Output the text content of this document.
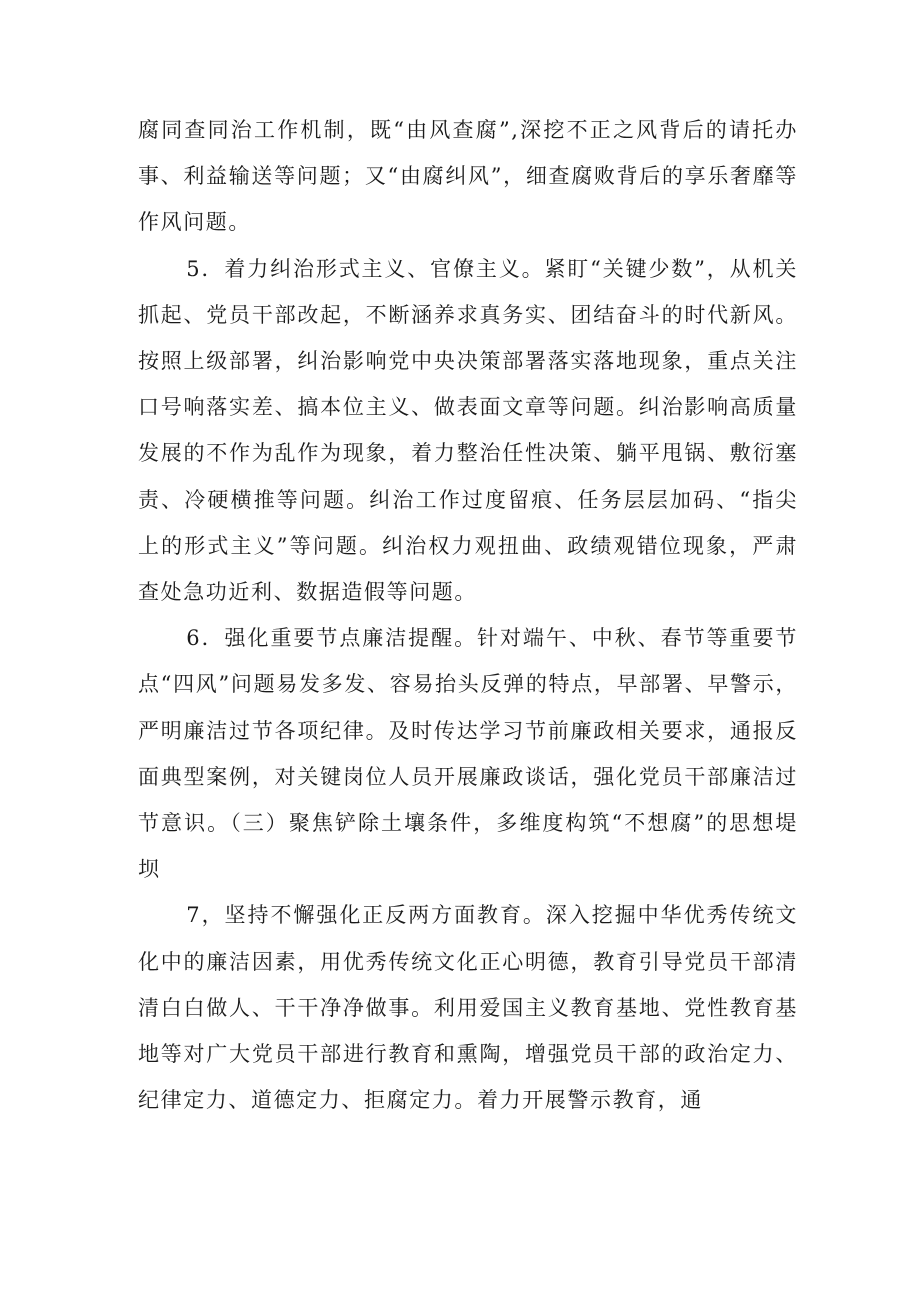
腐同查同治工作机制，既“由风查腐”,深挖不正之风背后的请托办事、利益输送等问题；又“由腐纠风”，细查腐败背后的享乐奢靡等作风问题。

5．着力纠治形式主义、官僚主义。紧盯“关键少数”，从机关抓起、党员干部改起，不断涵养求真务实、团结奋斗的时代新风。按照上级部署，纠治影响党中央决策部署落实落地现象，重点关注口号响落实差、搞本位主义、做表面文章等问题。纠治影响高质量发展的不作为乱作为现象，着力整治任性决策、躺平甩锅、敷衍塞责、冷硬横推等问题。纠治工作过度留痕、任务层层加码、“指尖上的形式主义”等问题。纠治权力观扭曲、政绩观错位现象，严肃查处急功近利、数据造假等问题。

6．强化重要节点廉洁提醒。针对端午、中秋、春节等重要节点“四风”问题易发多发、容易抬头反弹的特点，早部署、早警示，严明廉洁过节各项纪律。及时传达学习节前廉政相关要求，通报反面典型案例，对关键岗位人员开展廉政谈话，强化党员干部廉洁过节意识。（三）聚焦铲除土壤条件，多维度构筑“不想腐”的思想堤坝

7，坚持不懈强化正反两方面教育。深入挖掘中华优秀传统文化中的廉洁因素，用优秀传统文化正心明德，教育引导党员干部清清白白做人、干干净净做事。利用爱国主义教育基地、党性教育基地等对广大党员干部进行教育和熏陶，增强党员干部的政治定力、纪律定力、道德定力、拒腐定力。着力开展警示教育，通
